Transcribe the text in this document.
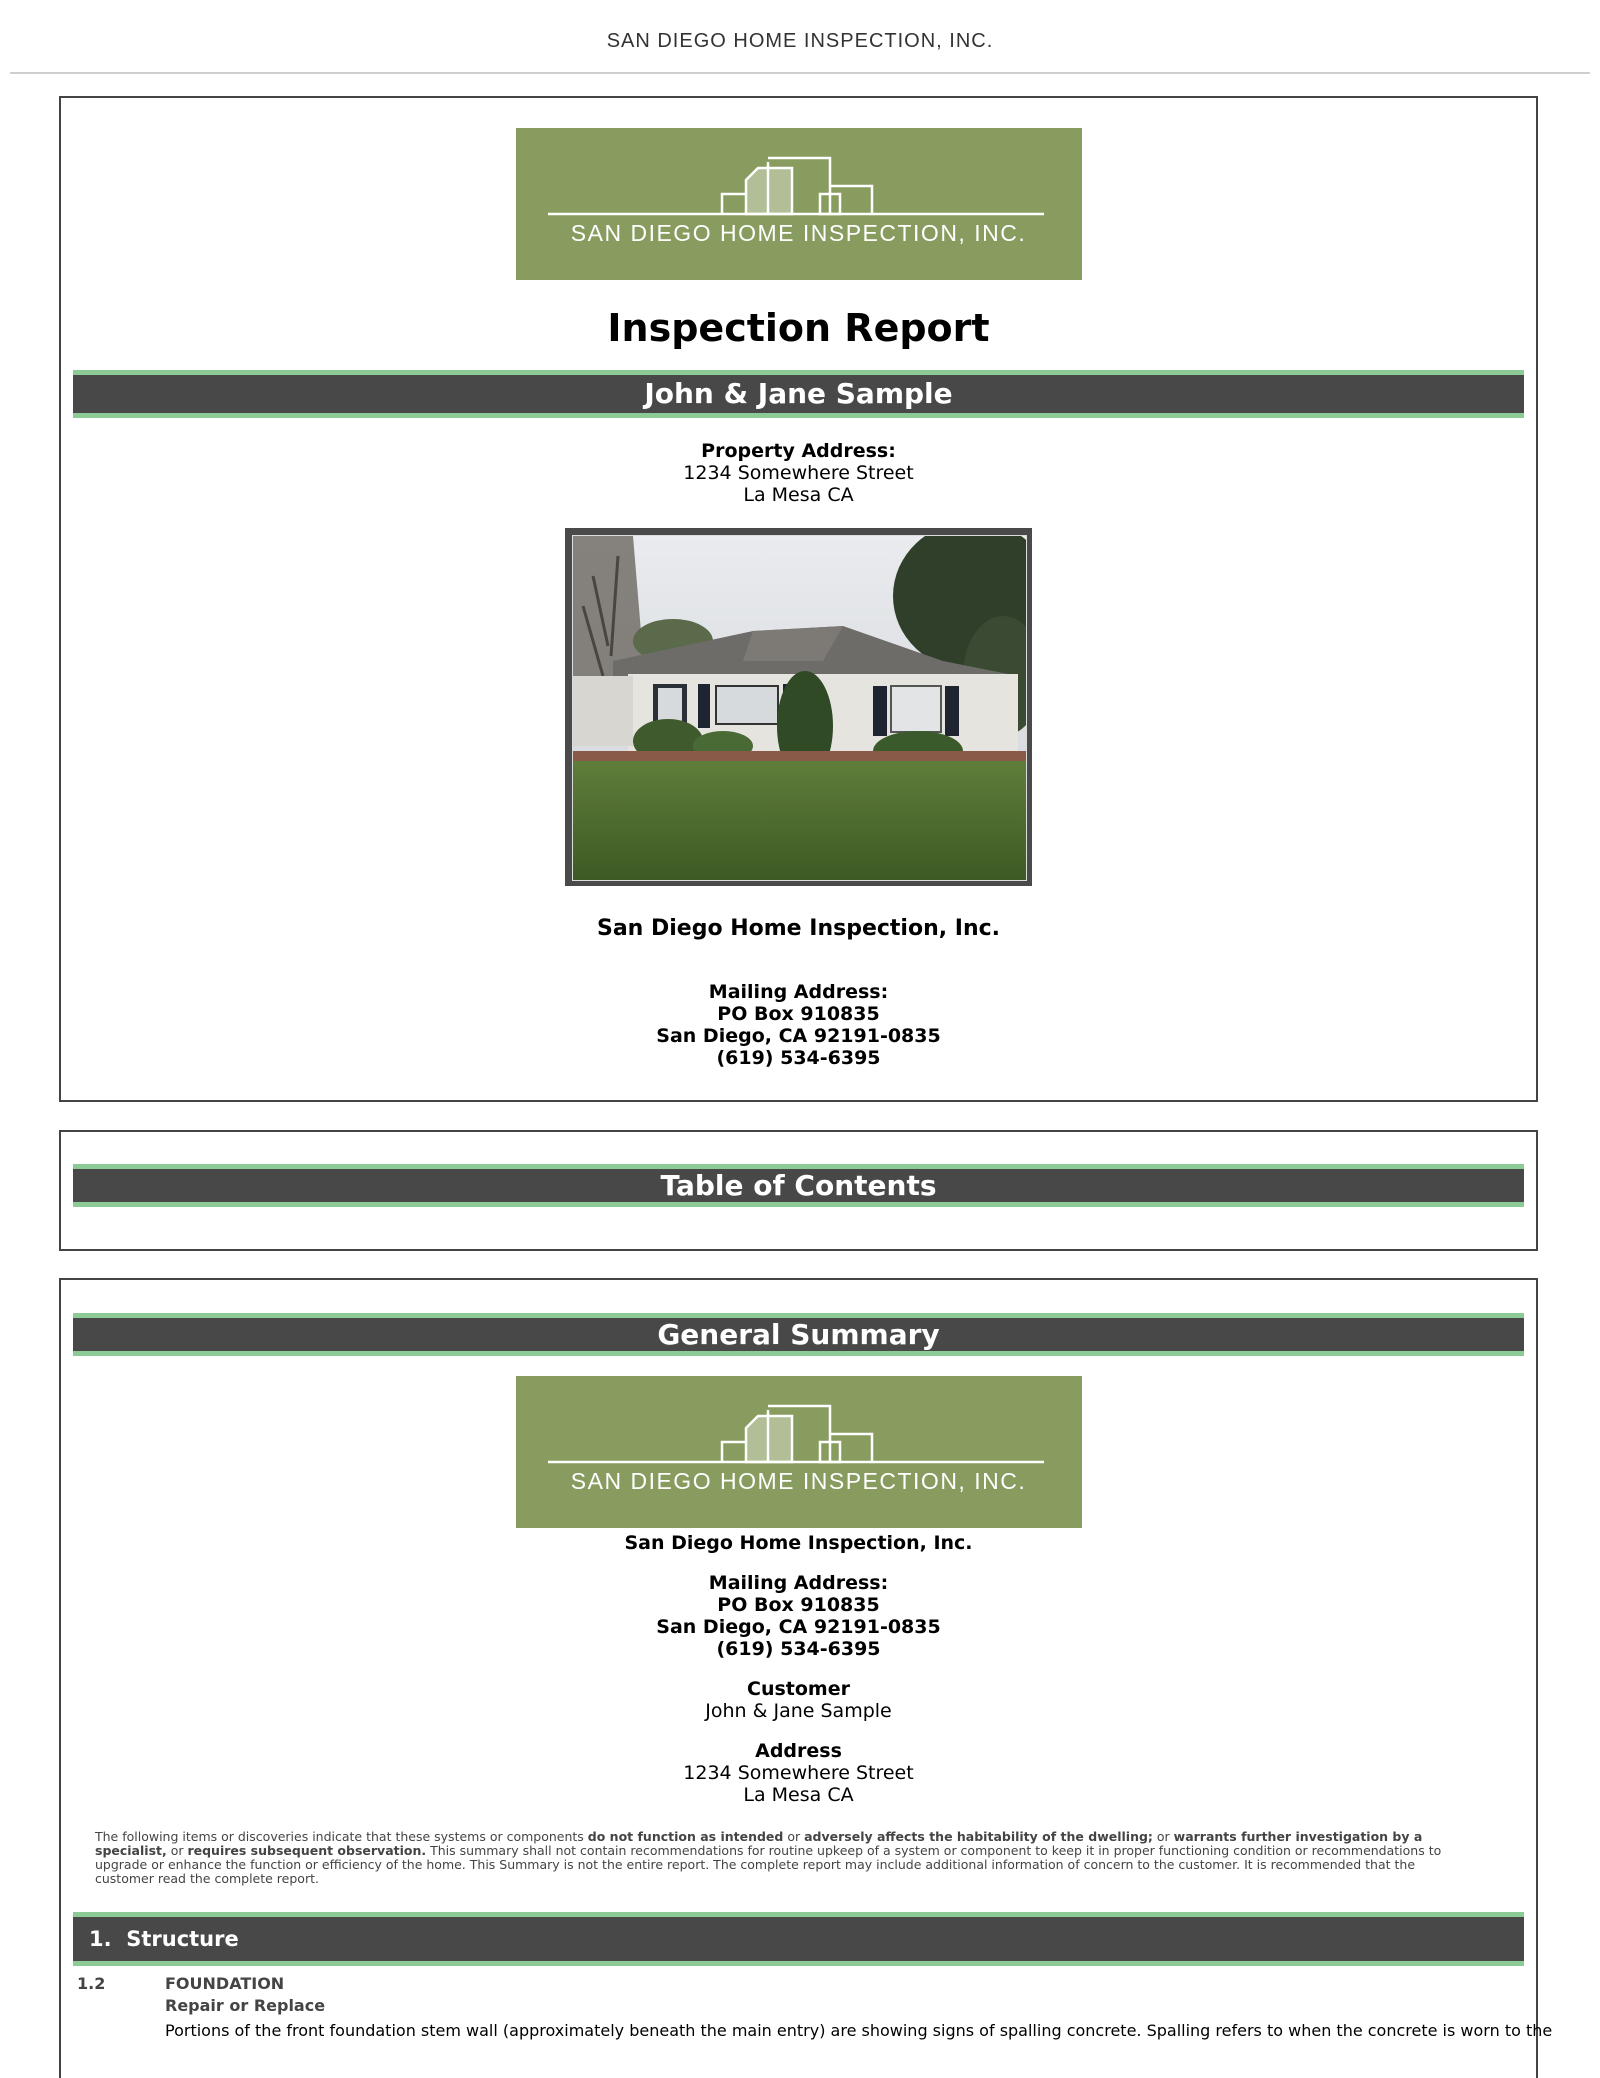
SAN DIEGO HOME INSPECTION, INC.
SAN DIEGO HOME INSPECTION, INC.
Inspection Report
John & Jane Sample
Property Address:
1234 Somewhere Street
La Mesa CA
San Diego Home Inspection, Inc.
Mailing Address:
PO Box 910835
San Diego, CA 92191-0835
(619) 534-6395
Table of Contents
General Summary
SAN DIEGO HOME INSPECTION, INC.
San Diego Home Inspection, Inc.
Mailing Address:
PO Box 910835
San Diego, CA 92191-0835
(619) 534-6395
Customer
John & Jane Sample
Address
1234 Somewhere Street
La Mesa CA
The following items or discoveries indicate that these systems or components do not function as intended or adversely affects the habitability of the dwelling; or warrants further investigation by a specialist, or requires subsequent observation. This summary shall not contain recommendations for routine upkeep of a system or component to keep it in proper functioning condition or recommendations to upgrade or enhance the function or efficiency of the home. This Summary is not the entire report. The complete report may include additional information of concern to the customer. It is recommended that the customer read the complete report.
1. Structure
1.2	FOUNDATION
Repair or Replace
Portions of the front foundation stem wall (approximately beneath the main entry) are showing signs of spalling concrete. Spalling refers to when the concrete is worn to the
